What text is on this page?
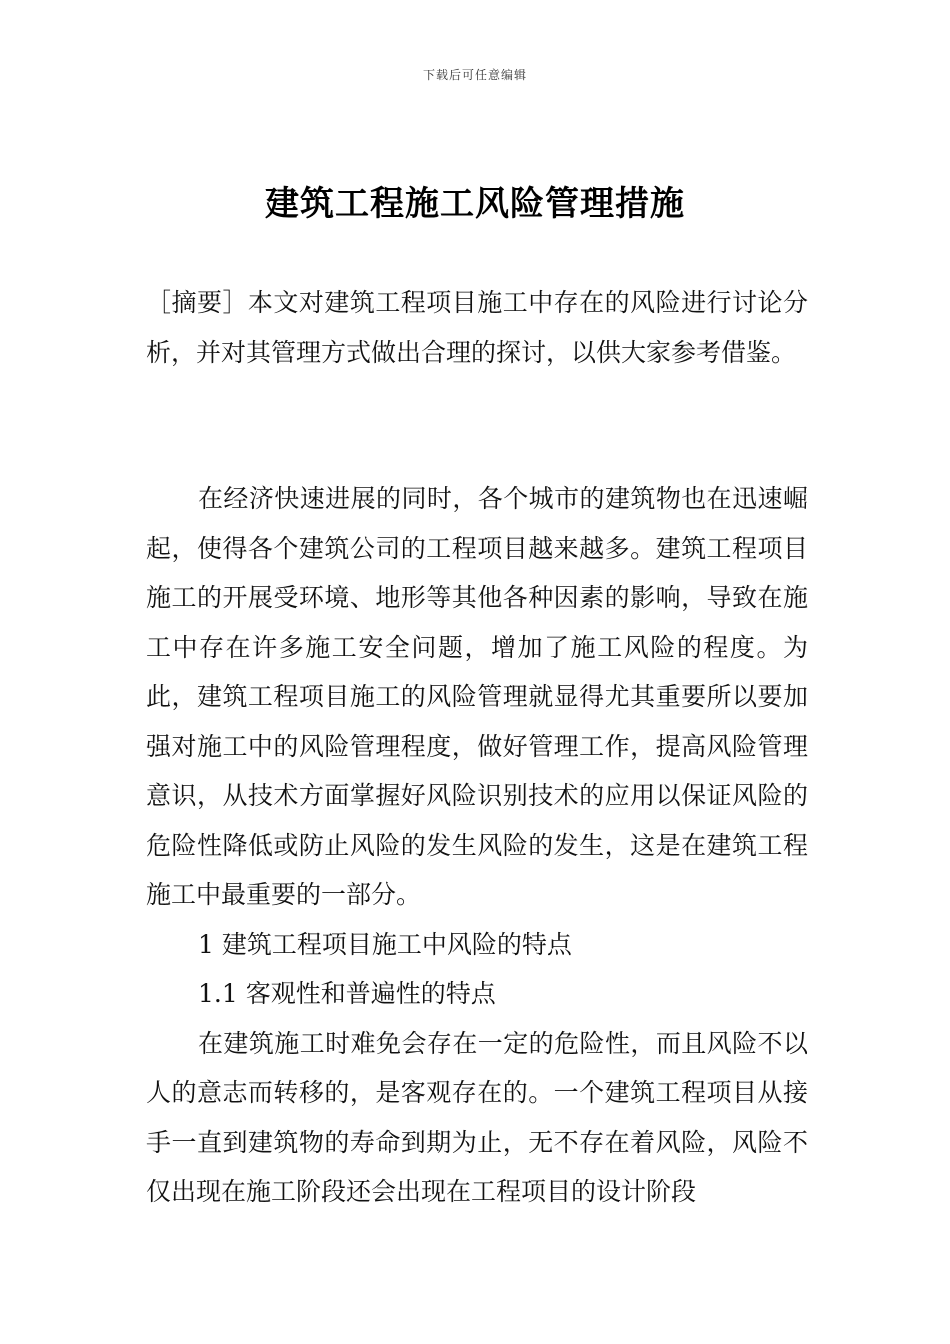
下载后可任意编辑
建筑工程施工风险管理措施

［摘要］本文对建筑工程项目施工中存在的风险进行讨论分析，并对其管理方式做出合理的探讨，以供大家参考借鉴。

在经济快速进展的同时，各个城市的建筑物也在迅速崛起，使得各个建筑公司的工程项目越来越多。建筑工程项目施工的开展受环境、地形等其他各种因素的影响，导致在施工中存在许多施工安全问题，增加了施工风险的程度。为此，建筑工程项目施工的风险管理就显得尤其重要所以要加强对施工中的风险管理程度，做好管理工作，提高风险管理意识，从技术方面掌握好风险识别技术的应用以保证风险的危险性降低或防止风险的发生风险的发生，这是在建筑工程施工中最重要的一部分。

1 建筑工程项目施工中风险的特点

1.1 客观性和普遍性的特点

在建筑施工时难免会存在一定的危险性，而且风险不以人的意志而转移的，是客观存在的。一个建筑工程项目从接手一直到建筑物的寿命到期为止，无不存在着风险，风险不仅出现在施工阶段还会出现在工程项目的设计阶段
